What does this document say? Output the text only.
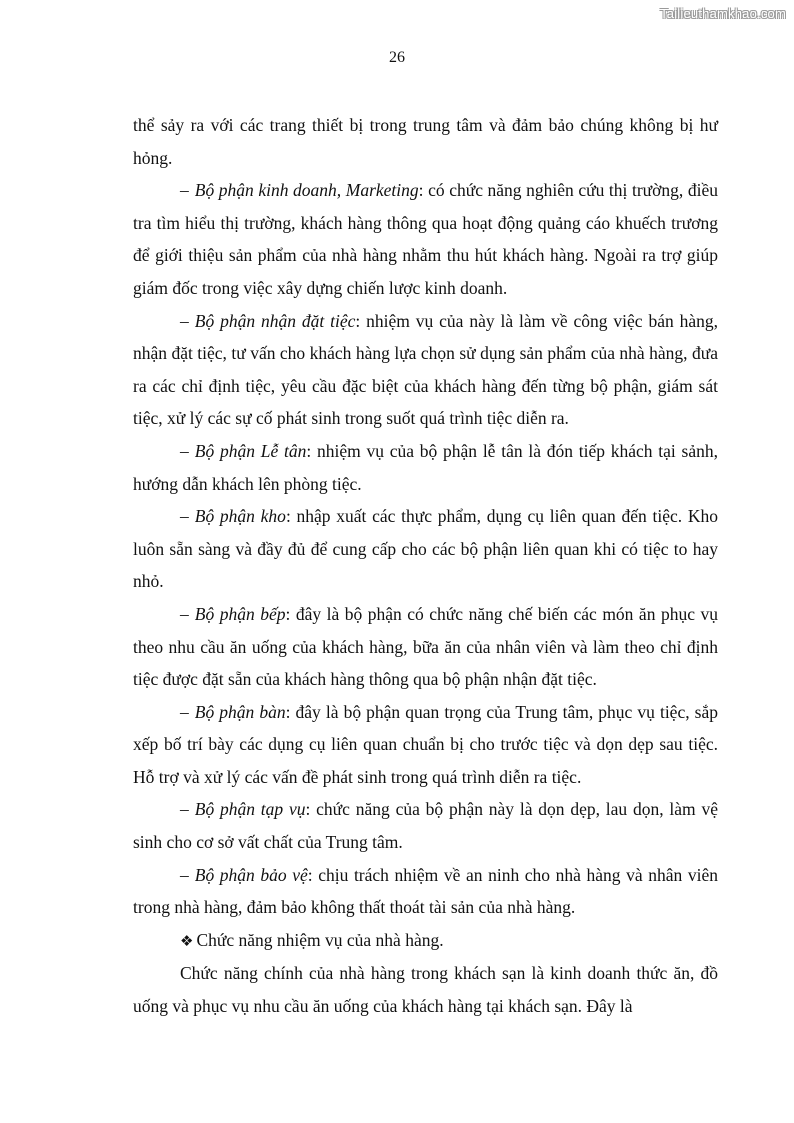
Tailieuthamkhao.com
26

thể sảy ra với các trang thiết bị trong trung tâm và đảm bảo chúng không bị hư hỏng.

– Bộ phận kinh doanh, Marketing: có chức năng nghiên cứu thị trường, điều tra tìm hiểu thị trường, khách hàng thông qua hoạt động quảng cáo khuếch trương để giới thiệu sản phẩm của nhà hàng nhằm thu hút khách hàng. Ngoài ra trợ giúp giám đốc trong việc xây dựng chiến lược kinh doanh.

– Bộ phận nhận đặt tiệc: nhiệm vụ của này là làm về công việc bán hàng, nhận đặt tiệc, tư vấn cho khách hàng lựa chọn sử dụng sản phẩm của nhà hàng, đưa ra các chỉ định tiệc, yêu cầu đặc biệt của khách hàng đến từng bộ phận, giám sát tiệc, xử lý các sự cố phát sinh trong suốt quá trình tiệc diễn ra.

– Bộ phận Lễ tân: nhiệm vụ của bộ phận lễ tân là đón tiếp khách tại sảnh, hướng dẫn khách lên phòng tiệc.

– Bộ phận kho: nhập xuất các thực phẩm, dụng cụ liên quan đến tiệc. Kho luôn sẵn sàng và đầy đủ để cung cấp cho các bộ phận liên quan khi có tiệc to hay nhỏ.

– Bộ phận bếp: đây là bộ phận có chức năng chế biến các món ăn phục vụ theo nhu cầu ăn uống của khách hàng, bữa ăn của nhân viên và làm theo chỉ định tiệc được đặt sẵn của khách hàng thông qua bộ phận nhận đặt tiệc.

– Bộ phận bàn: đây là bộ phận quan trọng của Trung tâm, phục vụ tiệc, sắp xếp bố trí bày các dụng cụ liên quan chuẩn bị cho trước tiệc và dọn dẹp sau tiệc. Hỗ trợ và xử lý các vấn đề phát sinh trong quá trình diễn ra tiệc.

– Bộ phận tạp vụ: chức năng của bộ phận này là dọn dẹp, lau dọn, làm vệ sinh cho cơ sở vất chất của Trung tâm.

– Bộ phận bảo vệ: chịu trách nhiệm về an ninh cho nhà hàng và nhân viên trong nhà hàng, đảm bảo không thất thoát tài sản của nhà hàng.

❖ Chức năng nhiệm vụ của nhà hàng.

Chức năng chính của nhà hàng trong khách sạn là kinh doanh thức ăn, đồ uống và phục vụ nhu cầu ăn uống của khách hàng tại khách sạn. Đây là
